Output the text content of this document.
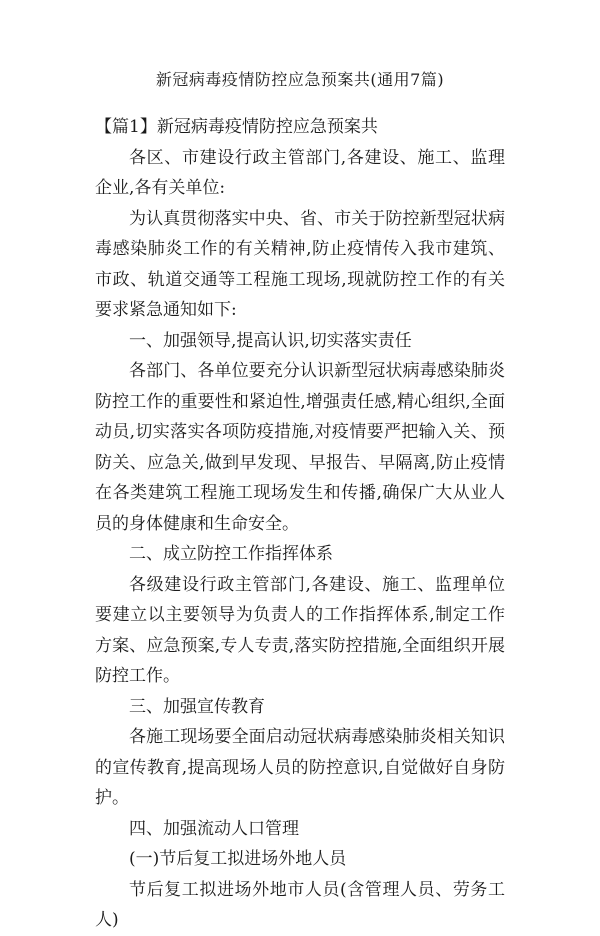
新冠病毒疫情防控应急预案共(通用7篇)

【篇1】新冠病毒疫情防控应急预案共

各区、市建设行政主管部门,各建设、施工、监理企业,各有关单位:

为认真贯彻落实中央、省、市关于防控新型冠状病毒感染肺炎工作的有关精神,防止疫情传入我市建筑、市政、轨道交通等工程施工现场,现就防控工作的有关要求紧急通知如下:

一、加强领导,提高认识,切实落实责任

各部门、各单位要充分认识新型冠状病毒感染肺炎防控工作的重要性和紧迫性,增强责任感,精心组织,全面动员,切实落实各项防疫措施,对疫情要严把输入关、预防关、应急关,做到早发现、早报告、早隔离,防止疫情在各类建筑工程施工现场发生和传播,确保广大从业人员的身体健康和生命安全。

二、成立防控工作指挥体系

各级建设行政主管部门,各建设、施工、监理单位要建立以主要领导为负责人的工作指挥体系,制定工作方案、应急预案,专人专责,落实防控措施,全面组织开展防控工作。

三、加强宣传教育

各施工现场要全面启动冠状病毒感染肺炎相关知识的宣传教育,提高现场人员的防控意识,自觉做好自身防护。

四、加强流动人口管理

(一)节后复工拟进场外地人员

节后复工拟进场外地市人员(含管理人员、劳务工人)
